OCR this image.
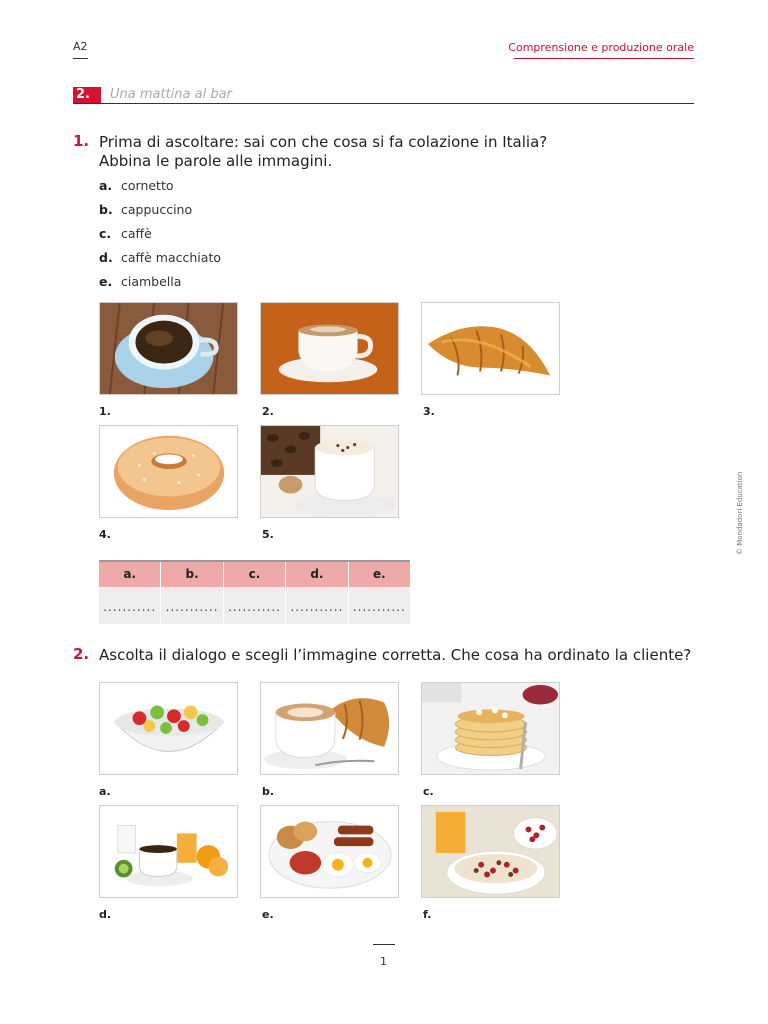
A2	Comprensione e produzione orale
2.	Una mattina al bar
1. Prima di ascoltare: sai con che cosa si fa colazione in Italia?
Abbina le parole alle immagini.
a. cornetto
b. cappuccino
c. caffè
d. caffè macchiato
e. ciambella
1.	2.	3.
4.	5.
a.	b.	c.	d.	e.
........... ........... ........... ........... ...........
2. Ascolta il dialogo e scegli l’immagine corretta. Che cosa ha ordinato la cliente?
a.	b.	c.
d.	e.	f.
© Mondadori Education
1
